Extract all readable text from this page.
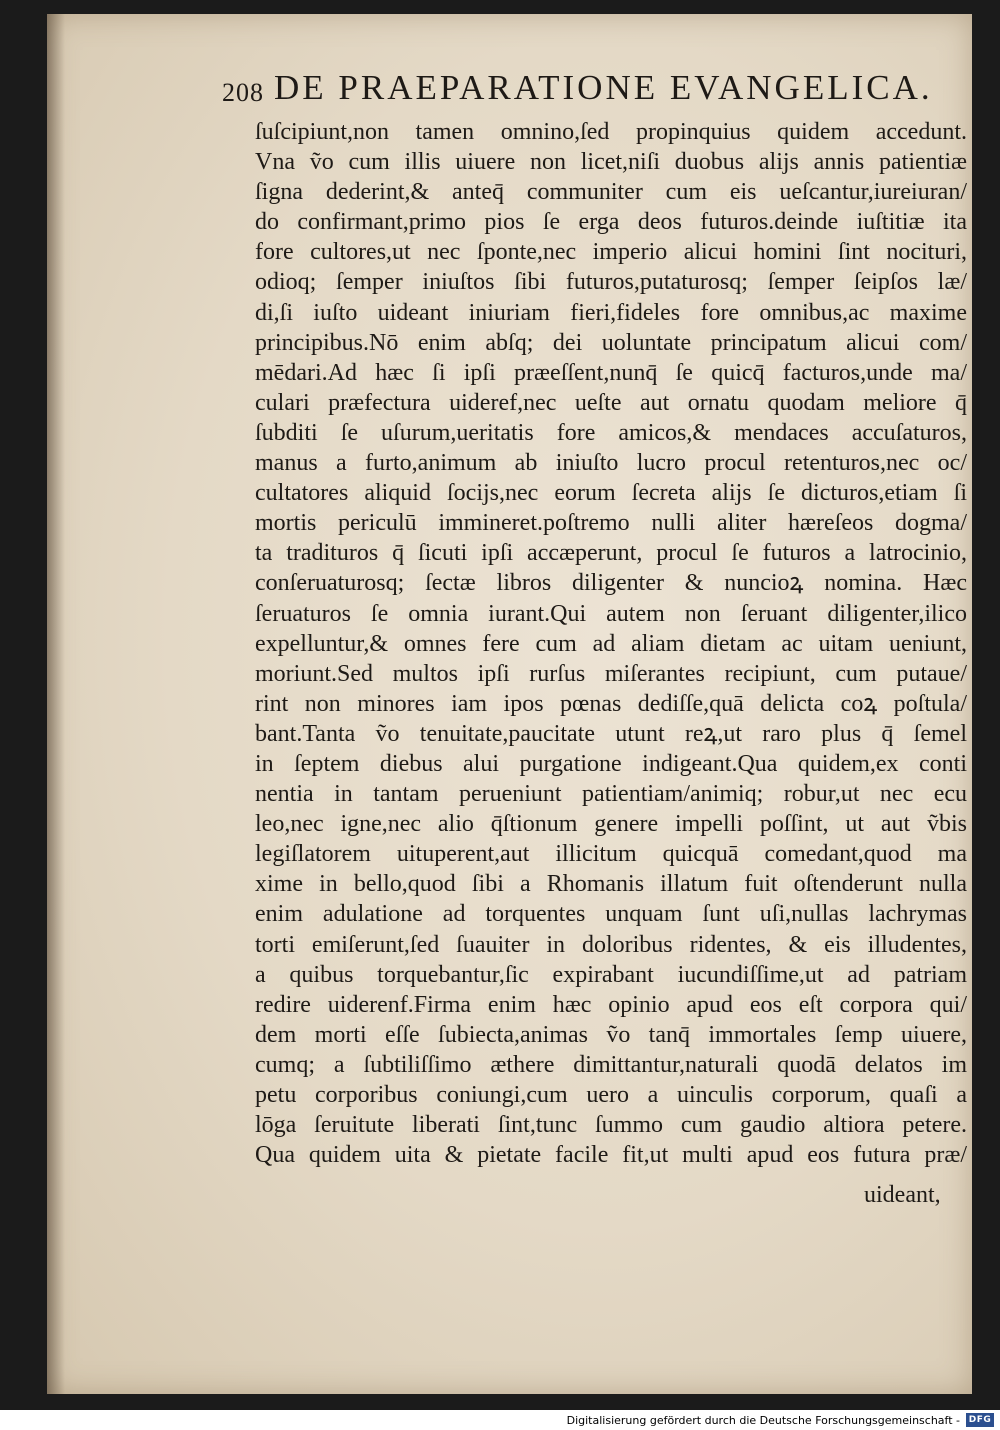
208 DE PRAEPARATIONE EVANGELICA.
ſuſcipiunt,non tamen omnino,ſed propinquius quidem accedunt.
Vna ṽo cum illis uiuere non licet,niſi duobus alijs annis patientiæ
ſigna dederint,& anteq̄ communiter cum eis ueſcantur,iureiuran/
do confirmant,primo pios ſe erga deos futuros.deinde iuſtitiæ ita
fore cultores,ut nec ſponte,nec imperio alicui homini ſint nocituri,
odioq; ſemper iniuſtos ſibi futuros,putaturosq; ſemper ſeipſos læ/
di,ſi iuſto uideant iniuriam fieri,fideles fore omnibus,ac maxime
principibus.Nō enim abſq; dei uoluntate principatum alicui com/
mēdari.Ad hæc ſi ipſi præeſſent,nunq̄ ſe quicq̄ facturos,unde ma/
culari præfectura uideref,nec ueſte aut ornatu quodam meliore q̄
ſubditi ſe uſurum,ueritatis fore amicos,& mendaces accuſaturos,
manus a furto,animum ab iniuſto lucro procul retenturos,nec oc/
cultatores aliquid ſocijs,nec eorum ſecreta alijs ſe dicturos,etiam ſi
mortis periculū immineret.poſtremo nulli aliter hæreſeos dogma/
ta tradituros q̄ ſicuti ipſi accæperunt, procul ſe futuros a latrocinio,
conſeruaturosq; ſectæ libros diligenter & nuncioꝝ nomina. Hæc
ſeruaturos ſe omnia iurant.Qui autem non ſeruant diligenter,ilico
expelluntur,& omnes fere cum ad aliam dietam ac uitam ueniunt,
moriunt.Sed multos ipſi rurſus miſerantes recipiunt, cum putaue/
rint non minores iam ipos pœnas dediſſe,quā delicta coꝝ poſtula/
bant.Tanta ṽo tenuitate,paucitate utunt reꝝ,ut raro plus q̄ ſemel
in ſeptem diebus alui purgatione indigeant.Qua quidem,ex conti
nentia in tantam perueniunt patientiam/animiq; robur,ut nec ecu
leo,nec igne,nec alio q̄ſtionum genere impelli poſſint, ut aut ṽbis
legiſlatorem uituperent,aut illicitum quicquā comedant,quod ma
xime in bello,quod ſibi a Rhomanis illatum fuit oſtenderunt nulla
enim adulatione ad torquentes unquam ſunt uſi,nullas lachrymas
torti emiſerunt,ſed ſuauiter in doloribus ridentes, & eis illudentes,
a quibus torquebantur,ſic expirabant iucundiſſime,ut ad patriam
redire uiderenf.Firma enim hæc opinio apud eos eſt corpora qui/
dem morti eſſe ſubiecta,animas ṽo tanq̄ immortales ſemp uiuere,
cumq; a ſubtiliſſimo æthere dimittantur,naturali quodā delatos im
petu corporibus coniungi,cum uero a uinculis corporum, quaſi a
lōga ſeruitute liberati ſint,tunc ſummo cum gaudio altiora petere.
Qua quidem uita & pietate facile fit,ut multi apud eos futura præ/
uideant,
Digitalisierung gefördert durch die Deutsche Forschungsgemeinschaft - DFG
